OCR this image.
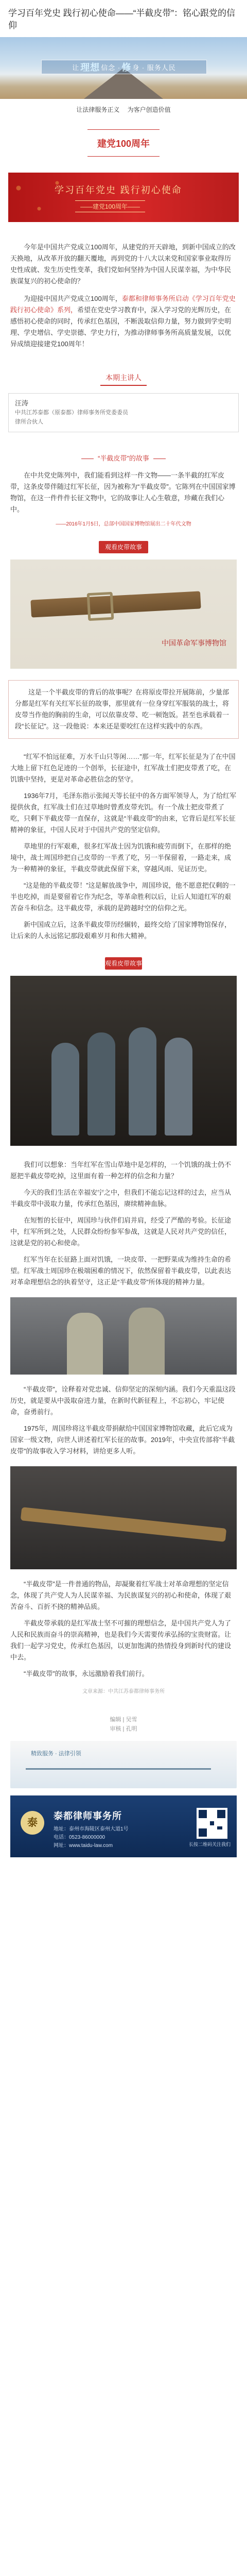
学习百年党史 践行初心使命——“半截皮带”：铭心跟党的信仰
让 理想 信念 · 修 身 · 服务人民
让法律服务正义 为客户创造价值
建党100周年
学习百年党史 践行初心使命
——建党100周年——

今年是中国共产党成立100周年，从建党的开天辟地，到新中国成立的改天换地，从改革开放的翻天覆地，再到党的十八大以来党和国家事业取得历史性成就、发生历史性变革，我们党如何坚持为中国人民谋幸福，为中华民族谋复兴的初心使命的？

为迎接中国共产党成立100周年，泰都和律师事务所启动《学习百年党史 践行初心使命》系列，希望在党史学习教育中，深入学习党的光辉历史，在感悟初心使命的同时，传承红色基因，不断汲取信仰力量，努力做到学史明理、学史增信、学史崇德、学史力行，为推动律师事务所高质量发展，以优异成绩迎接建党100周年！

本期主讲人
汪涛
中共江苏泰都（原泰都）律师事务所党委委员
律所合伙人
“半截皮带”的故事

在中共党史陈列中，我们能看到这样一件文物——一条半截的红军皮带，这条皮带伴随过红军长征，因为被称为“半截皮带”。它陈列在中国国家博物馆，在这一件件件长征文物中，它的故事让人心生敬意，珍藏在我们心中。

——2016年1月5日，总部中国国家博物馆展出二十年代文物
观看皮带故事
中国革命军事博物馆

这是一个半截皮带的背后的故事呢？在将原皮带拉开展陈前，少量部分都是红军有关红军长征的故事，那里就有一位身穿红军服装的战士，将皮带当作他的胸前的生命，可以依靠皮带、吃一顿饱饭。甚至也承载着一段“长征记”。这一段他说：本来还是要咬红在这样实践中的东西。

“红军不怕远征难，万水千山只等闲……”那一年，红军长征是为了在中国大地上留下红色足迹的一个创举，长征途中，红军战士们把皮带煮了吃，在饥饿中坚持，更是对革命必胜信念的坚守。

1936年7月，毛泽东指示张闻天等长征中的各方面军领导人，为了给红军提供伙食，红军战士们在过草地时曾煮皮带充饥。有一个战士把皮带煮了吃，只剩下半截皮带一直保存，这就是“半截皮带”的由来，它背后是红军长征精神的象征，中国人民对于中国共产党的坚定信仰。

草地里的行军艰难，很多红军战士因为饥饿和疲劳而倒下，在那样的绝境中，战士周国珍把自己皮带的一半煮了吃，另一半保留着，一路走来，成为一种精神的象征，半截皮带就此保留下来，穿越风雨、见证历史。

“这是他的半截皮带！”这是解放战争中，周国珍说，他不愿意把仅剩的一半也吃掉，而是要留着它作为纪念，等革命胜利以后，让后人知道红军的艰苦奋斗和信念。这半截皮带，承载的是跨越时空的信仰之光。

新中国成立后，这条半截皮带历经辗转，最终交给了国家博物馆保存，让后来的人永远铭记那段艰难岁月和伟大精神。

观看皮带故事

我们可以想象：当年红军在雪山草地中是怎样的，一个饥饿的战士仍不愿把半截皮带吃掉，这里面有着一种怎样的信念和力量？

今天的我们生活在幸福安宁之中，但我们不能忘记这样的过去，应当从半截皮带中汲取力量，传承红色基因，赓续精神血脉。

在短暂的长征中，周国珍与伙伴们肩并肩，经受了严酷的考验。长征途中，红军所到之处，人民群众纷纷参军参战，这就是人民对共产党的信任，这就是党的初心和使命。

红军当年在长征路上面对饥饿，一块皮带、一把野菜成为维持生命的希望。红军战士周国珍在极端困难的情况下，依然保留着半截皮带，以此表达对革命理想信念的执着坚守，这正是“半截皮带”所体现的精神力量。

“半截皮带”，诠释着对党忠诚、信仰坚定的深刻内涵。我们今天重温这段历史，就是要从中汲取奋进力量，在新时代新征程上，不忘初心，牢记使命，奋勇前行。

1975年，周国珍将这半截皮带捐献给中国国家博物馆收藏，此后它成为国家一级文物，向世人讲述着红军长征的故事。2019年，中央宣传部将“半截皮带”的故事收入学习材料，讲给更多人听。

“半截皮带”是一件普通的物品，却凝聚着红军战士对革命理想的坚定信念，体现了共产党人为人民谋幸福、为民族谋复兴的初心和使命，体现了艰苦奋斗、百折不挠的精神品质。

半截皮带承载的是红军战士坚不可摧的理想信念，是中国共产党人为了人民和民族而奋斗的崇高精神，也是我们今天需要传承弘扬的宝贵财富。让我们一起学习党史，传承红色基因，以更加饱满的热情投身到新时代的建设中去。

“半截皮带”的故事，永远激励着我们前行。

文章来源：中共江苏泰都律师事务所
编辑 | 吴雪
审核 | 孔明
精致服务 · 法律引领
泰
泰都律师事务所
地址：泰州市海陵区泰州大道1号
电话：0523-86000000
网址：www.taidu-law.com	长按二维码关注我们
